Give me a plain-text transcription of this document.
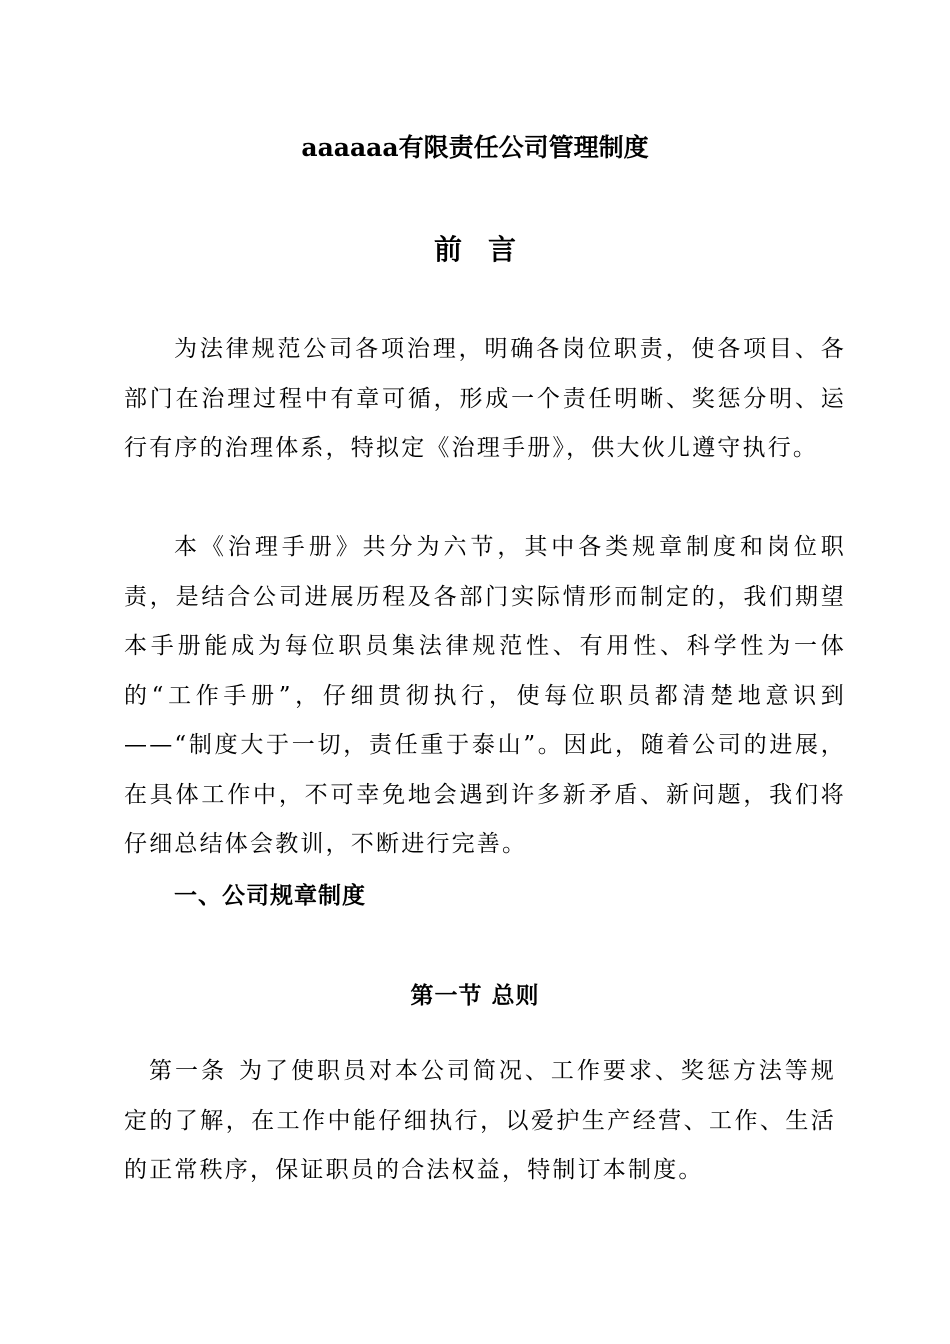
aaaaaa有限责任公司管理制度
前言

为法律规范公司各项治理，明确各岗位职责，使各项目、各部门在治理过程中有章可循，形成一个责任明晰、奖惩分明、运行有序的治理体系，特拟定《治理手册》，供大伙儿遵守执行。

本《治理手册》共分为六节，其中各类规章制度和岗位职责，是结合公司进展历程及各部门实际情形而制定的，我们期望本手册能成为每位职员集法律规范性、有用性、科学性为一体的“工作手册”，仔细贯彻执行，使每位职员都清楚地意识到——“制度大于一切，责任重于泰山”。因此，随着公司的进展，在具体工作中，不可幸免地会遇到许多新矛盾、新问题，我们将仔细总结体会教训，不断进行完善。

一、公司规章制度
第一节 总则

第一条 为了使职员对本公司简况、工作要求、奖惩方法等规定的了解，在工作中能仔细执行，以爱护生产经营、工作、生活的正常秩序，保证职员的合法权益，特制订本制度。
